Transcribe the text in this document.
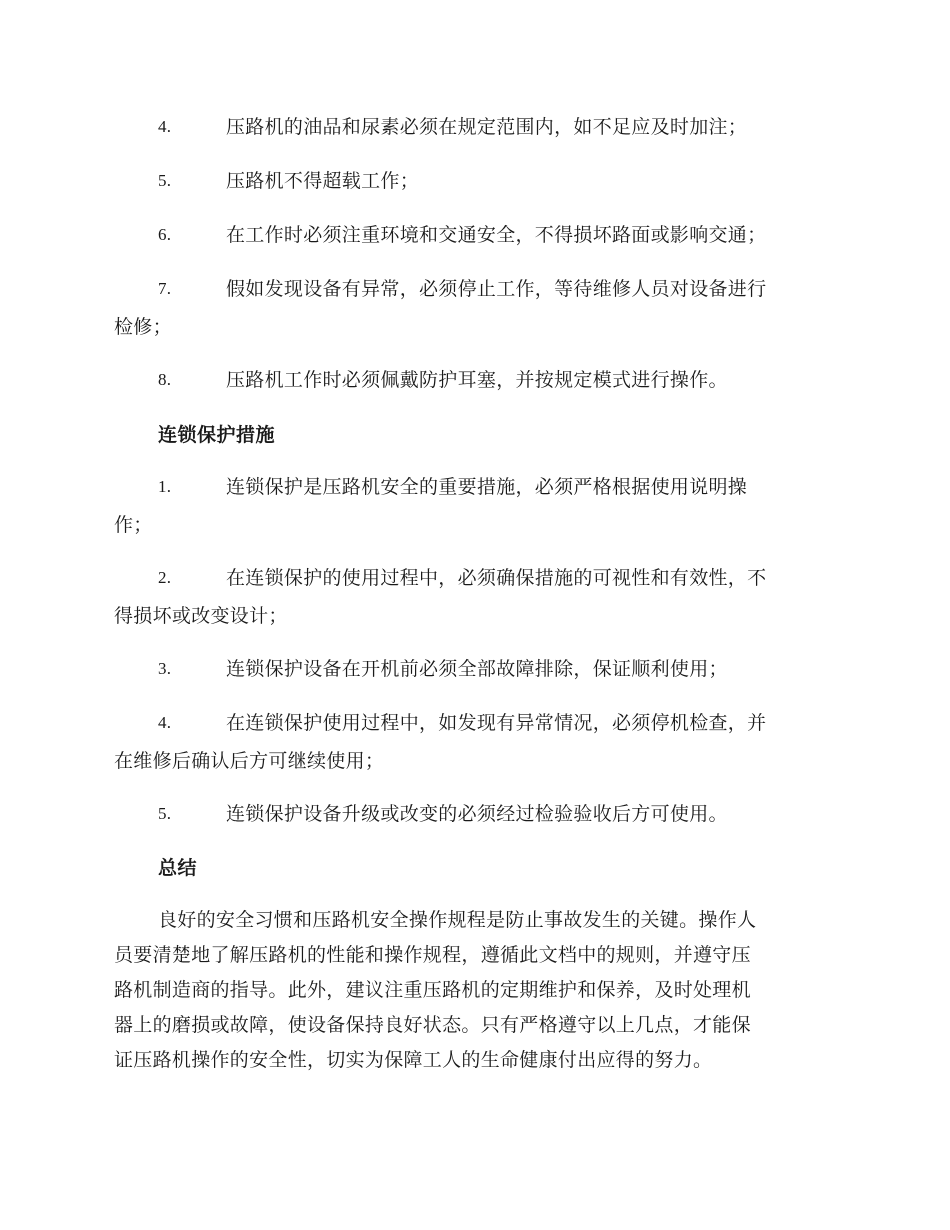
4.	压路机的油品和尿素必须在规定范围内，如不足应及时加注；
5.	压路机不得超载工作；
6.	在工作时必须注重环境和交通安全，不得损坏路面或影响交通；
7.	假如发现设备有异常，必须停止工作，等待维修人员对设备进行
检修；
8.	压路机工作时必须佩戴防护耳塞，并按规定模式进行操作。
连锁保护措施
1.	连锁保护是压路机安全的重要措施，必须严格根据使用说明操
作；
2.	在连锁保护的使用过程中，必须确保措施的可视性和有效性，不
得损坏或改变设计；
3.	连锁保护设备在开机前必须全部故障排除，保证顺利使用；
4.	在连锁保护使用过程中，如发现有异常情况，必须停机检查，并
在维修后确认后方可继续使用；
5.	连锁保护设备升级或改变的必须经过检验验收后方可使用。
总结
良好的安全习惯和压路机安全操作规程是防止事故发生的关键。操作人
员要清楚地了解压路机的性能和操作规程，遵循此文档中的规则，并遵守压
路机制造商的指导。此外，建议注重压路机的定期维护和保养，及时处理机
器上的磨损或故障，使设备保持良好状态。只有严格遵守以上几点，才能保
证压路机操作的安全性，切实为保障工人的生命健康付出应得的努力。
